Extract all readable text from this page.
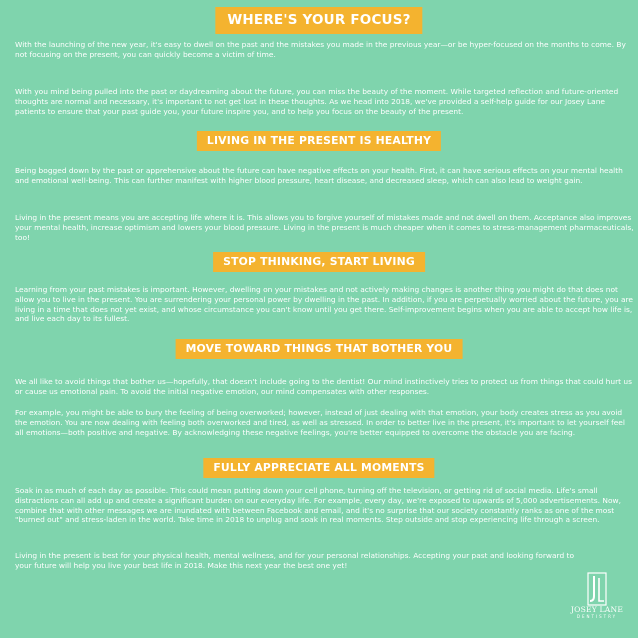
WHERE'S YOUR FOCUS?

With the launching of the new year, it's easy to dwell on the past and the mistakes you made in the previous year—or be hyper-focused on the months to come. By not focusing on the present, you can quickly become a victim of time.

With you mind being pulled into the past or daydreaming about the future, you can miss the beauty of the moment. While targeted reflection and future-oriented thoughts are normal and necessary, it's important to not get lost in these thoughts. As we head into 2018, we've provided a self-help guide for our Josey Lane patients to ensure that your past guide you, your future inspire you, and to help you focus on the beauty of the present.

LIVING IN THE PRESENT IS HEALTHY

Being bogged down by the past or apprehensive about the future can have negative effects on your health. First, it can have serious effects on your mental health and emotional well-being. This can further manifest with higher blood pressure, heart disease, and decreased sleep, which can also lead to weight gain.

Living in the present means you are accepting life where it is. This allows you to forgive yourself of mistakes made and not dwell on them. Acceptance also improves your mental health, increase optimism and lowers your blood pressure. Living in the present is much cheaper when it comes to stress-management pharmaceuticals, too!

STOP THINKING, START LIVING

Learning from your past mistakes is important. However, dwelling on your mistakes and not actively making changes is another thing you might do that does not allow you to live in the present. You are surrendering your personal power by dwelling in the past. In addition, if you are perpetually worried about the future, you are living in a time that does not yet exist, and whose circumstance you can't know until you get there. Self-improvement begins when you are able to accept how life is, and live each day to its fullest.

MOVE TOWARD THINGS THAT BOTHER YOU

We all like to avoid things that bother us—hopefully, that doesn't include going to the dentist! Our mind instinctively tries to protect us from things that could hurt us or cause us emotional pain. To avoid the initial negative emotion, our mind compensates with other responses.

For example, you might be able to bury the feeling of being overworked; however, instead of just dealing with that emotion, your body creates stress as you avoid the emotion. You are now dealing with feeling both overworked and tired, as well as stressed. In order to better live in the present, it's important to let yourself feel all emotions—both positive and negative. By acknowledging these negative feelings, you're better equipped to overcome the obstacle you are facing.

FULLY APPRECIATE ALL MOMENTS

Soak in as much of each day as possible. This could mean putting down your cell phone, turning off the television, or getting rid of social media. Life's small distractions can all add up and create a significant burden on our everyday life. For example, every day, we're exposed to upwards of 5,000 advertisements. Now, combine that with other messages we are inundated with between Facebook and email, and it's no surprise that our society constantly ranks as one of the most "burned out" and stress-laden in the world. Take time in 2018 to unplug and soak in real moments. Step outside and stop experiencing life through a screen.

Living in the present is best for your physical health, mental wellness, and for your personal relationships. Accepting your past and looking forward to your future will help you live your best life in 2018. Make this next year the best one yet!

JOSEY LANE
DENTISTRY
